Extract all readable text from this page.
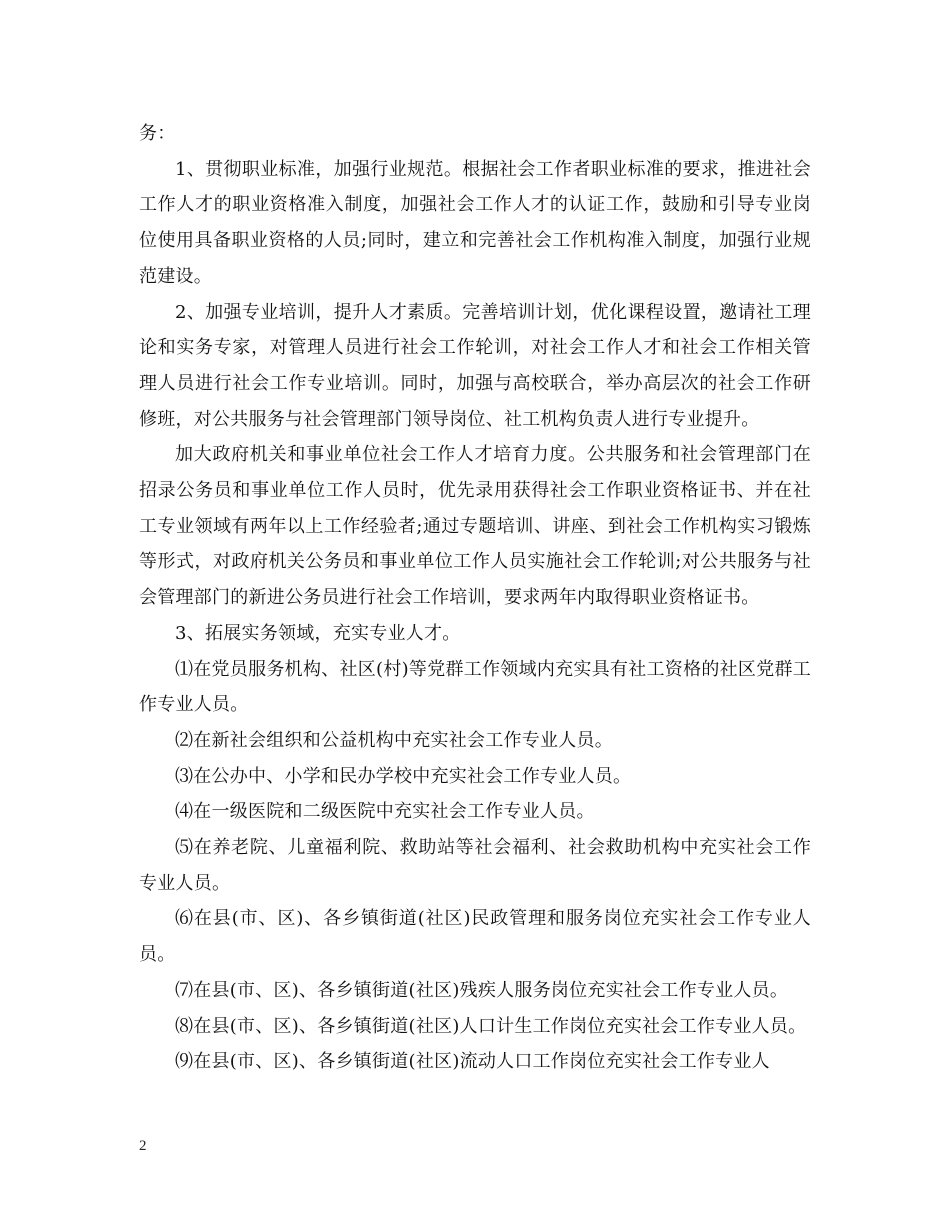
务：

1、贯彻职业标准，加强行业规范。根据社会工作者职业标准的要求，推进社会工作人才的职业资格准入制度，加强社会工作人才的认证工作，鼓励和引导专业岗位使用具备职业资格的人员;同时，建立和完善社会工作机构准入制度，加强行业规范建设。

2、加强专业培训，提升人才素质。完善培训计划，优化课程设置，邀请社工理论和实务专家，对管理人员进行社会工作轮训，对社会工作人才和社会工作相关管理人员进行社会工作专业培训。同时，加强与高校联合，举办高层次的社会工作研修班，对公共服务与社会管理部门领导岗位、社工机构负责人进行专业提升。

加大政府机关和事业单位社会工作人才培育力度。公共服务和社会管理部门在招录公务员和事业单位工作人员时，优先录用获得社会工作职业资格证书、并在社工专业领域有两年以上工作经验者;通过专题培训、讲座、到社会工作机构实习锻炼等形式，对政府机关公务员和事业单位工作人员实施社会工作轮训;对公共服务与社会管理部门的新进公务员进行社会工作培训，要求两年内取得职业资格证书。

3、拓展实务领域，充实专业人才。

⑴在党员服务机构、社区(村)等党群工作领域内充实具有社工资格的社区党群工作专业人员。

⑵在新社会组织和公益机构中充实社会工作专业人员。

⑶在公办中、小学和民办学校中充实社会工作专业人员。

⑷在一级医院和二级医院中充实社会工作专业人员。

⑸在养老院、儿童福利院、救助站等社会福利、社会救助机构中充实社会工作专业人员。

⑹在县(市、区)、各乡镇街道(社区)民政管理和服务岗位充实社会工作专业人员。

⑺在县(市、区)、各乡镇街道(社区)残疾人服务岗位充实社会工作专业人员。

⑻在县(市、区)、各乡镇街道(社区)人口计生工作岗位充实社会工作专业人员。

⑼在县(市、区)、各乡镇街道(社区)流动人口工作岗位充实社会工作专业人

2
